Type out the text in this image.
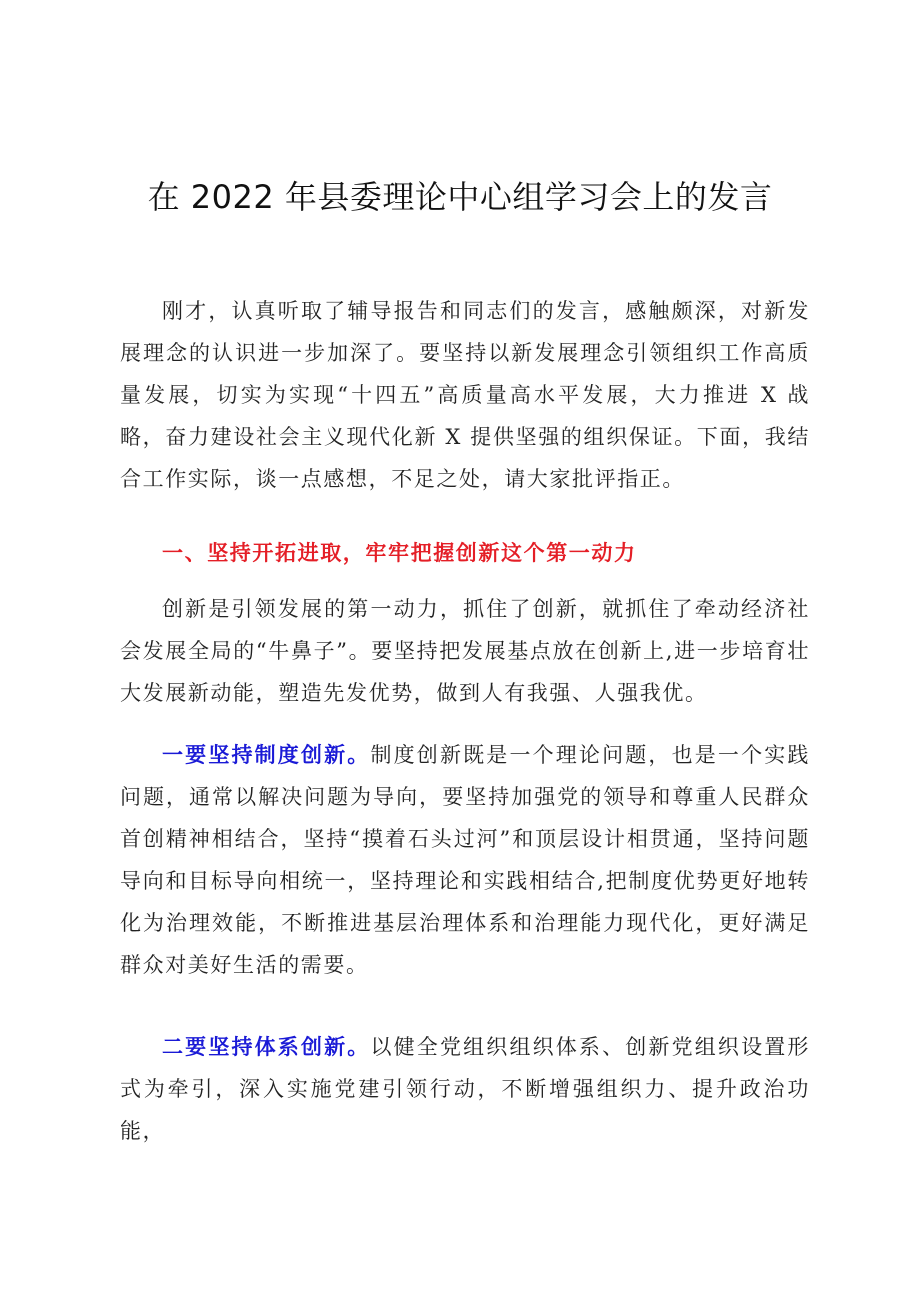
在 2022 年县委理论中心组学习会上的发言

刚才，认真听取了辅导报告和同志们的发言，感触颇深，对新发展理念的认识进一步加深了。要坚持以新发展理念引领组织工作高质量发展，切实为实现“十四五”高质量高水平发展，大力推进 X 战略，奋力建设社会主义现代化新 X 提供坚强的组织保证。下面，我结合工作实际，谈一点感想，不足之处，请大家批评指正。

一、坚持开拓进取，牢牢把握创新这个第一动力

创新是引领发展的第一动力，抓住了创新，就抓住了牵动经济社会发展全局的“牛鼻子”。要坚持把发展基点放在创新上,进一步培育壮大发展新动能，塑造先发优势，做到人有我强、人强我优。

一要坚持制度创新。制度创新既是一个理论问题，也是一个实践问题，通常以解决问题为导向，要坚持加强党的领导和尊重人民群众首创精神相结合，坚持“摸着石头过河”和顶层设计相贯通，坚持问题导向和目标导向相统一，坚持理论和实践相结合,把制度优势更好地转化为治理效能，不断推进基层治理体系和治理能力现代化，更好满足群众对美好生活的需要。

二要坚持体系创新。以健全党组织组织体系、创新党组织设置形式为牵引，深入实施党建引领行动，不断增强组织力、提升政治功能，
